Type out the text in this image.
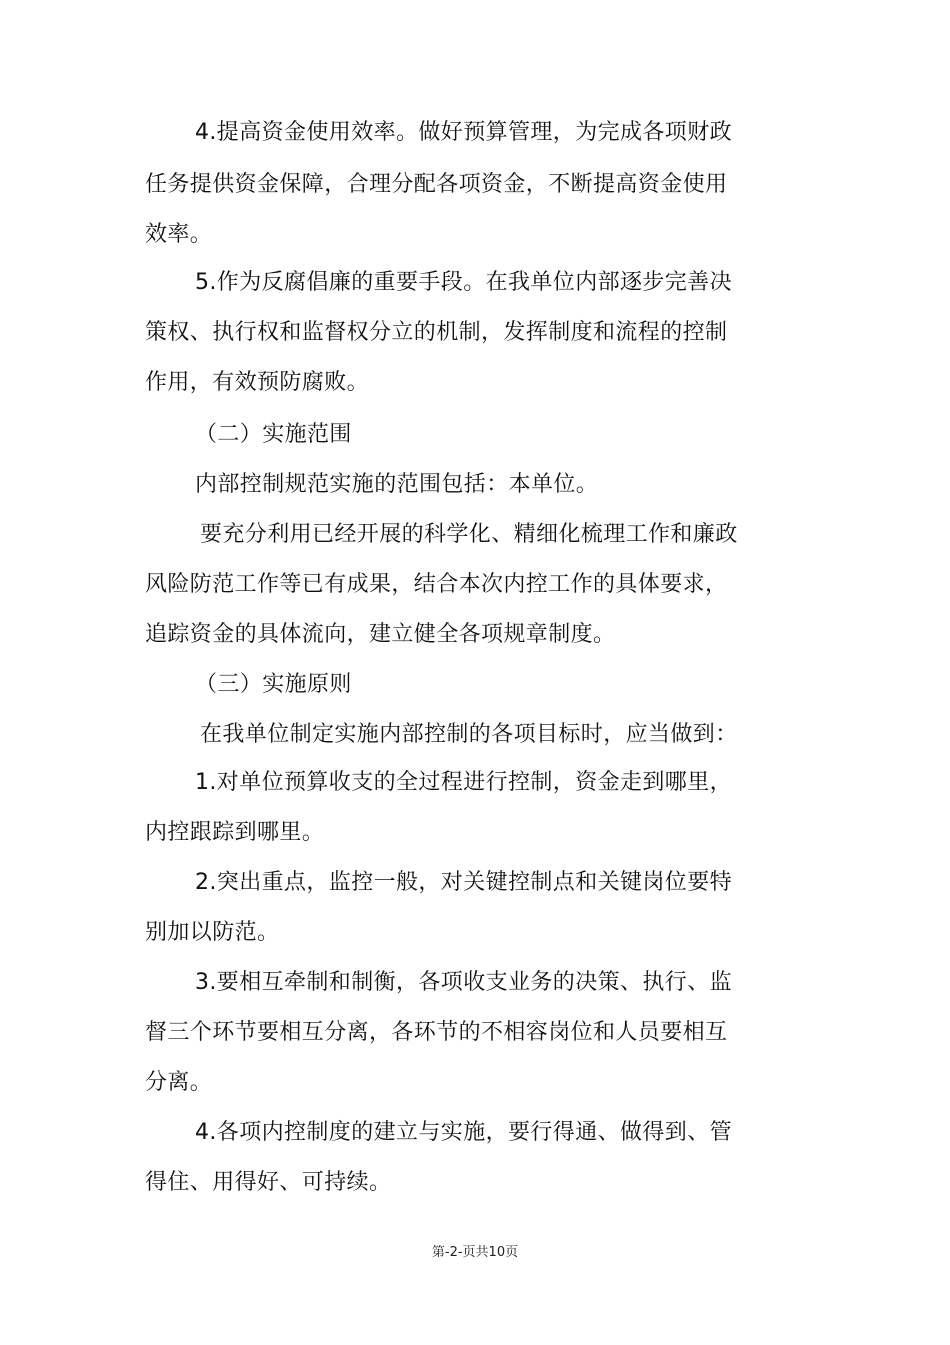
4.提高资金使用效率。做好预算管理，为完成各项财政
任务提供资金保障，合理分配各项资金，不断提高资金使用
效率。
5.作为反腐倡廉的重要手段。在我单位内部逐步完善决
策权、执行权和监督权分立的机制，发挥制度和流程的控制
作用，有效预防腐败。
（二）实施范围
内部控制规范实施的范围包括：本单位。
要充分利用已经开展的科学化、精细化梳理工作和廉政
风险防范工作等已有成果，结合本次内控工作的具体要求，
追踪资金的具体流向，建立健全各项规章制度。
（三）实施原则
在我单位制定实施内部控制的各项目标时，应当做到：
1.对单位预算收支的全过程进行控制，资金走到哪里，
内控跟踪到哪里。
2.突出重点，监控一般，对关键控制点和关键岗位要特
别加以防范。
3.要相互牵制和制衡，各项收支业务的决策、执行、监
督三个环节要相互分离，各环节的不相容岗位和人员要相互
分离。
4.各项内控制度的建立与实施，要行得通、做得到、管
得住、用得好、可持续。
第-2-页共10页
